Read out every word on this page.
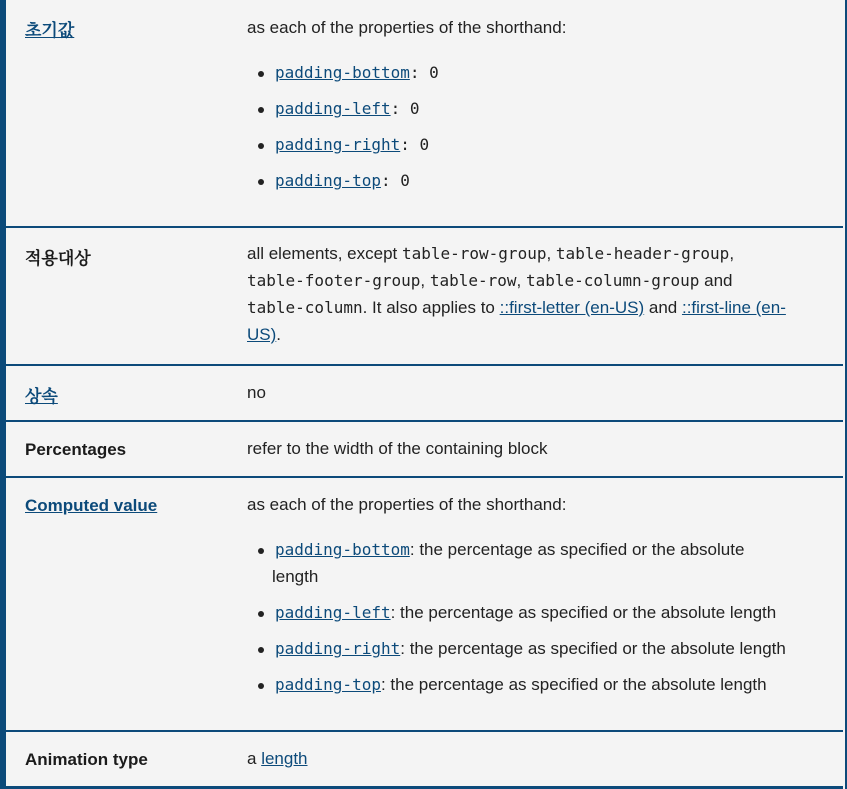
초기값	as each of the properties of the shorthand:
padding-bottom: 0
padding-left: 0
padding-right: 0
padding-top: 0
적용대상	all elements, except table-row-group, table-header-group,
table-footer-group, table-row, table-column-group and
table-column. It also applies to ::first-letter (en-US) and ::first-line (en-
US).
상속	no
Percentages	refer to the width of the containing block
Computed value	as each of the properties of the shorthand:
padding-bottom: the percentage as specified or the absolute
length
padding-left: the percentage as specified or the absolute length
padding-right: the percentage as specified or the absolute length
padding-top: the percentage as specified or the absolute length
Animation type	a length
